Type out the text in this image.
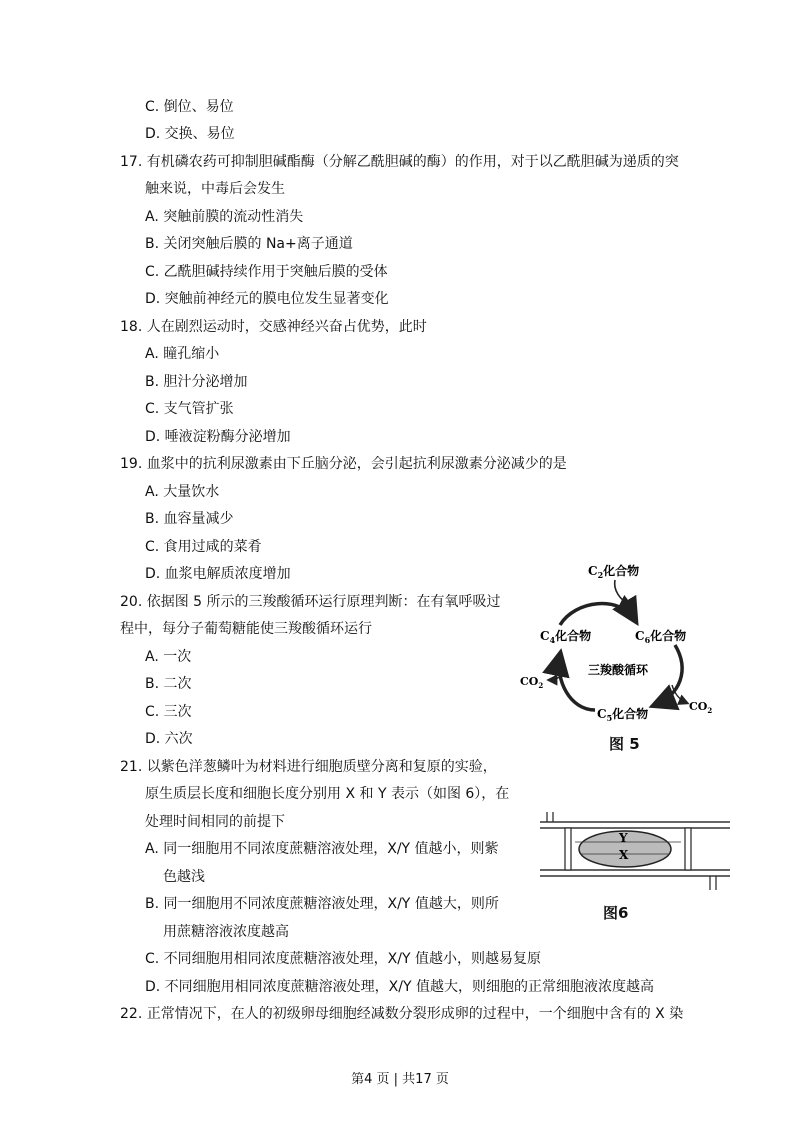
C. 倒位、易位
D. 交换、易位
17. 有机磷农药可抑制胆碱酯酶（分解乙酰胆碱的酶）的作用，对于以乙酰胆碱为递质的突
触来说，中毒后会发生
A. 突触前膜的流动性消失
B. 关闭突触后膜的 Na+离子通道
C. 乙酰胆碱持续作用于突触后膜的受体
D. 突触前神经元的膜电位发生显著变化
18. 人在剧烈运动时，交感神经兴奋占优势，此时
A. 瞳孔缩小
B. 胆汁分泌增加
C. 支气管扩张
D. 唾液淀粉酶分泌增加
19. 血浆中的抗利尿激素由下丘脑分泌，会引起抗利尿激素分泌减少的是
A. 大量饮水
B. 血容量减少
C. 食用过咸的菜肴
D. 血浆电解质浓度增加
20. 依据图 5 所示的三羧酸循环运行原理判断：在有氧呼吸过
程中，每分子葡萄糖能使三羧酸循环运行
A. 一次
B. 二次
C. 三次
D. 六次
$C_2$化合物
$C_4$化合物	$C_6$化合物
三羧酸循环
$CO_2$
$CO_2$
$C_5$化合物
图 5
21. 以紫色洋葱鳞叶为材料进行细胞质壁分离和复原的实验，
原生质层长度和细胞长度分别用 X 和 Y 表示（如图 6），在
处理时间相同的前提下
A. 同一细胞用不同浓度蔗糖溶液处理，X/Y 值越小，则紫
色越浅
B. 同一细胞用不同浓度蔗糖溶液处理，X/Y 值越大，则所
用蔗糖溶液浓度越高
C. 不同细胞用相同浓度蔗糖溶液处理，X/Y 值越小，则越易复原
D. 不同细胞用相同浓度蔗糖溶液处理，X/Y 值越大，则细胞的正常细胞液浓度越高
Y
X
图6
22. 正常情况下，在人的初级卵母细胞经减数分裂形成卵的过程中，一个细胞中含有的 X 染
第4 页 | 共17 页
